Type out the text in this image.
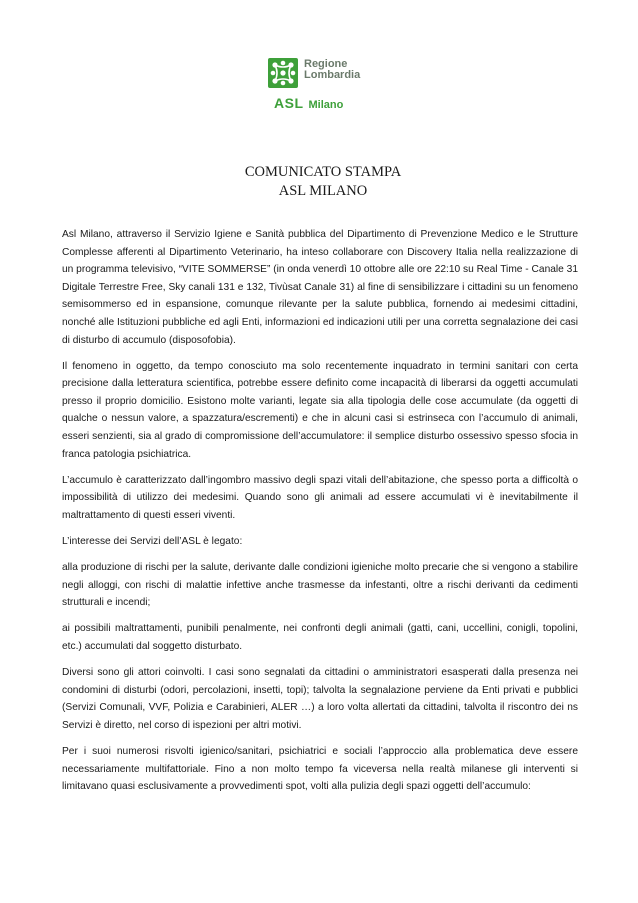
Regione
Lombardia
ASL Milano
COMUNICATO STAMPA
ASL MILANO

Asl Milano, attraverso il Servizio Igiene e Sanità pubblica del Dipartimento di Prevenzione Medico e le Strutture Complesse afferenti al Dipartimento Veterinario, ha inteso collaborare con Discovery Italia nella realizzazione di un programma televisivo, “VITE SOMMERSE” (in onda venerdì 10 ottobre alle ore 22:10 su Real Time - Canale 31 Digitale Terrestre Free, Sky canali 131 e 132, Tivùsat Canale 31) al fine di sensibilizzare i cittadini su un fenomeno semisommerso ed in espansione, comunque rilevante per la salute pubblica, fornendo ai medesimi cittadini, nonché alle Istituzioni pubbliche ed agli Enti, informazioni ed indicazioni utili per una corretta segnalazione dei casi di disturbo di accumulo (disposofobia).

Il fenomeno in oggetto, da tempo conosciuto ma solo recentemente inquadrato in termini sanitari con certa precisione dalla letteratura scientifica, potrebbe essere definito come incapacità di liberarsi da oggetti accumulati presso il proprio domicilio. Esistono molte varianti, legate sia alla tipologia delle cose accumulate (da oggetti di qualche o nessun valore, a spazzatura/escrementi) e che in alcuni casi si estrinseca con l’accumulo di animali, esseri senzienti, sia al grado di compromissione dell’accumulatore: il semplice disturbo ossessivo spesso sfocia in franca patologia psichiatrica.

L’accumulo è caratterizzato dall’ingombro massivo degli spazi vitali dell’abitazione, che spesso porta a difficoltà o impossibilità di utilizzo dei medesimi. Quando sono gli animali ad essere accumulati vi è inevitabilmente il maltrattamento di questi esseri viventi.

L’interesse dei Servizi dell’ASL è legato:

alla produzione di rischi per la salute, derivante dalle condizioni igieniche molto precarie che si vengono a stabilire negli alloggi, con rischi di malattie infettive anche trasmesse da infestanti, oltre a rischi derivanti da cedimenti strutturali e incendi;

ai possibili maltrattamenti, punibili penalmente, nei confronti degli animali (gatti, cani, uccellini, conigli, topolini, etc.) accumulati dal soggetto disturbato.

Diversi sono gli attori coinvolti. I casi sono segnalati da cittadini o amministratori esasperati dalla presenza nei condomini di disturbi (odori, percolazioni, insetti, topi); talvolta la segnalazione perviene da Enti privati e pubblici (Servizi Comunali, VVF, Polizia e Carabinieri, ALER …) a loro volta allertati da cittadini, talvolta il riscontro dei ns Servizi è diretto, nel corso di ispezioni per altri motivi.

Per i suoi numerosi risvolti igienico/sanitari, psichiatrici e sociali l’approccio alla problematica deve essere necessariamente multifattoriale. Fino a non molto tempo fa viceversa nella realtà milanese gli interventi si limitavano quasi esclusivamente a provvedimenti spot, volti alla pulizia degli spazi oggetti dell’accumulo:
